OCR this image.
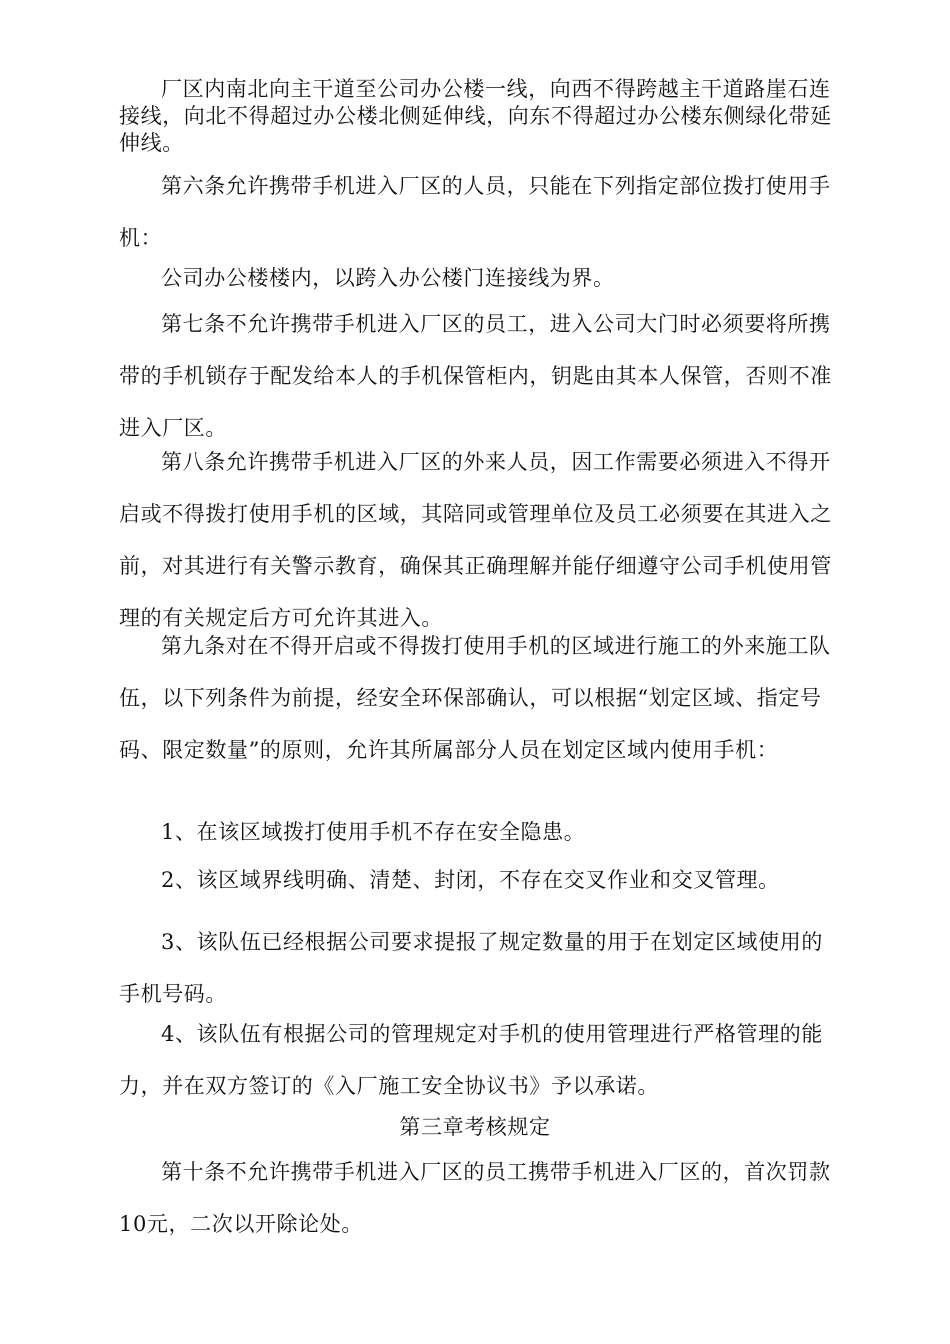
厂区内南北向主干道至公司办公楼一线，向西不得跨越主干道路崖石连接线，向北不得超过办公楼北侧延伸线，向东不得超过办公楼东侧绿化带延伸线。

第六条允许携带手机进入厂区的人员，只能在下列指定部位拨打使用手机：

公司办公楼楼内，以跨入办公楼门连接线为界。

第七条不允许携带手机进入厂区的员工，进入公司大门时必须要将所携带的手机锁存于配发给本人的手机保管柜内，钥匙由其本人保管，否则不准进入厂区。

第八条允许携带手机进入厂区的外来人员，因工作需要必须进入不得开启或不得拨打使用手机的区域，其陪同或管理单位及员工必须要在其进入之前，对其进行有关警示教育，确保其正确理解并能仔细遵守公司手机使用管理的有关规定后方可允许其进入。

第九条对在不得开启或不得拨打使用手机的区域进行施工的外来施工队伍，以下列条件为前提，经安全环保部确认，可以根据“划定区域、指定号码、限定数量”的原则，允许其所属部分人员在划定区域内使用手机：

1、在该区域拨打使用手机不存在安全隐患。

2、该区域界线明确、清楚、封闭，不存在交叉作业和交叉管理。

3、该队伍已经根据公司要求提报了规定数量的用于在划定区域使用的手机号码。

4、该队伍有根据公司的管理规定对手机的使用管理进行严格管理的能力，并在双方签订的《入厂施工安全协议书》予以承诺。

第三章考核规定

第十条不允许携带手机进入厂区的员工携带手机进入厂区的，首次罚款10元，二次以开除论处。
